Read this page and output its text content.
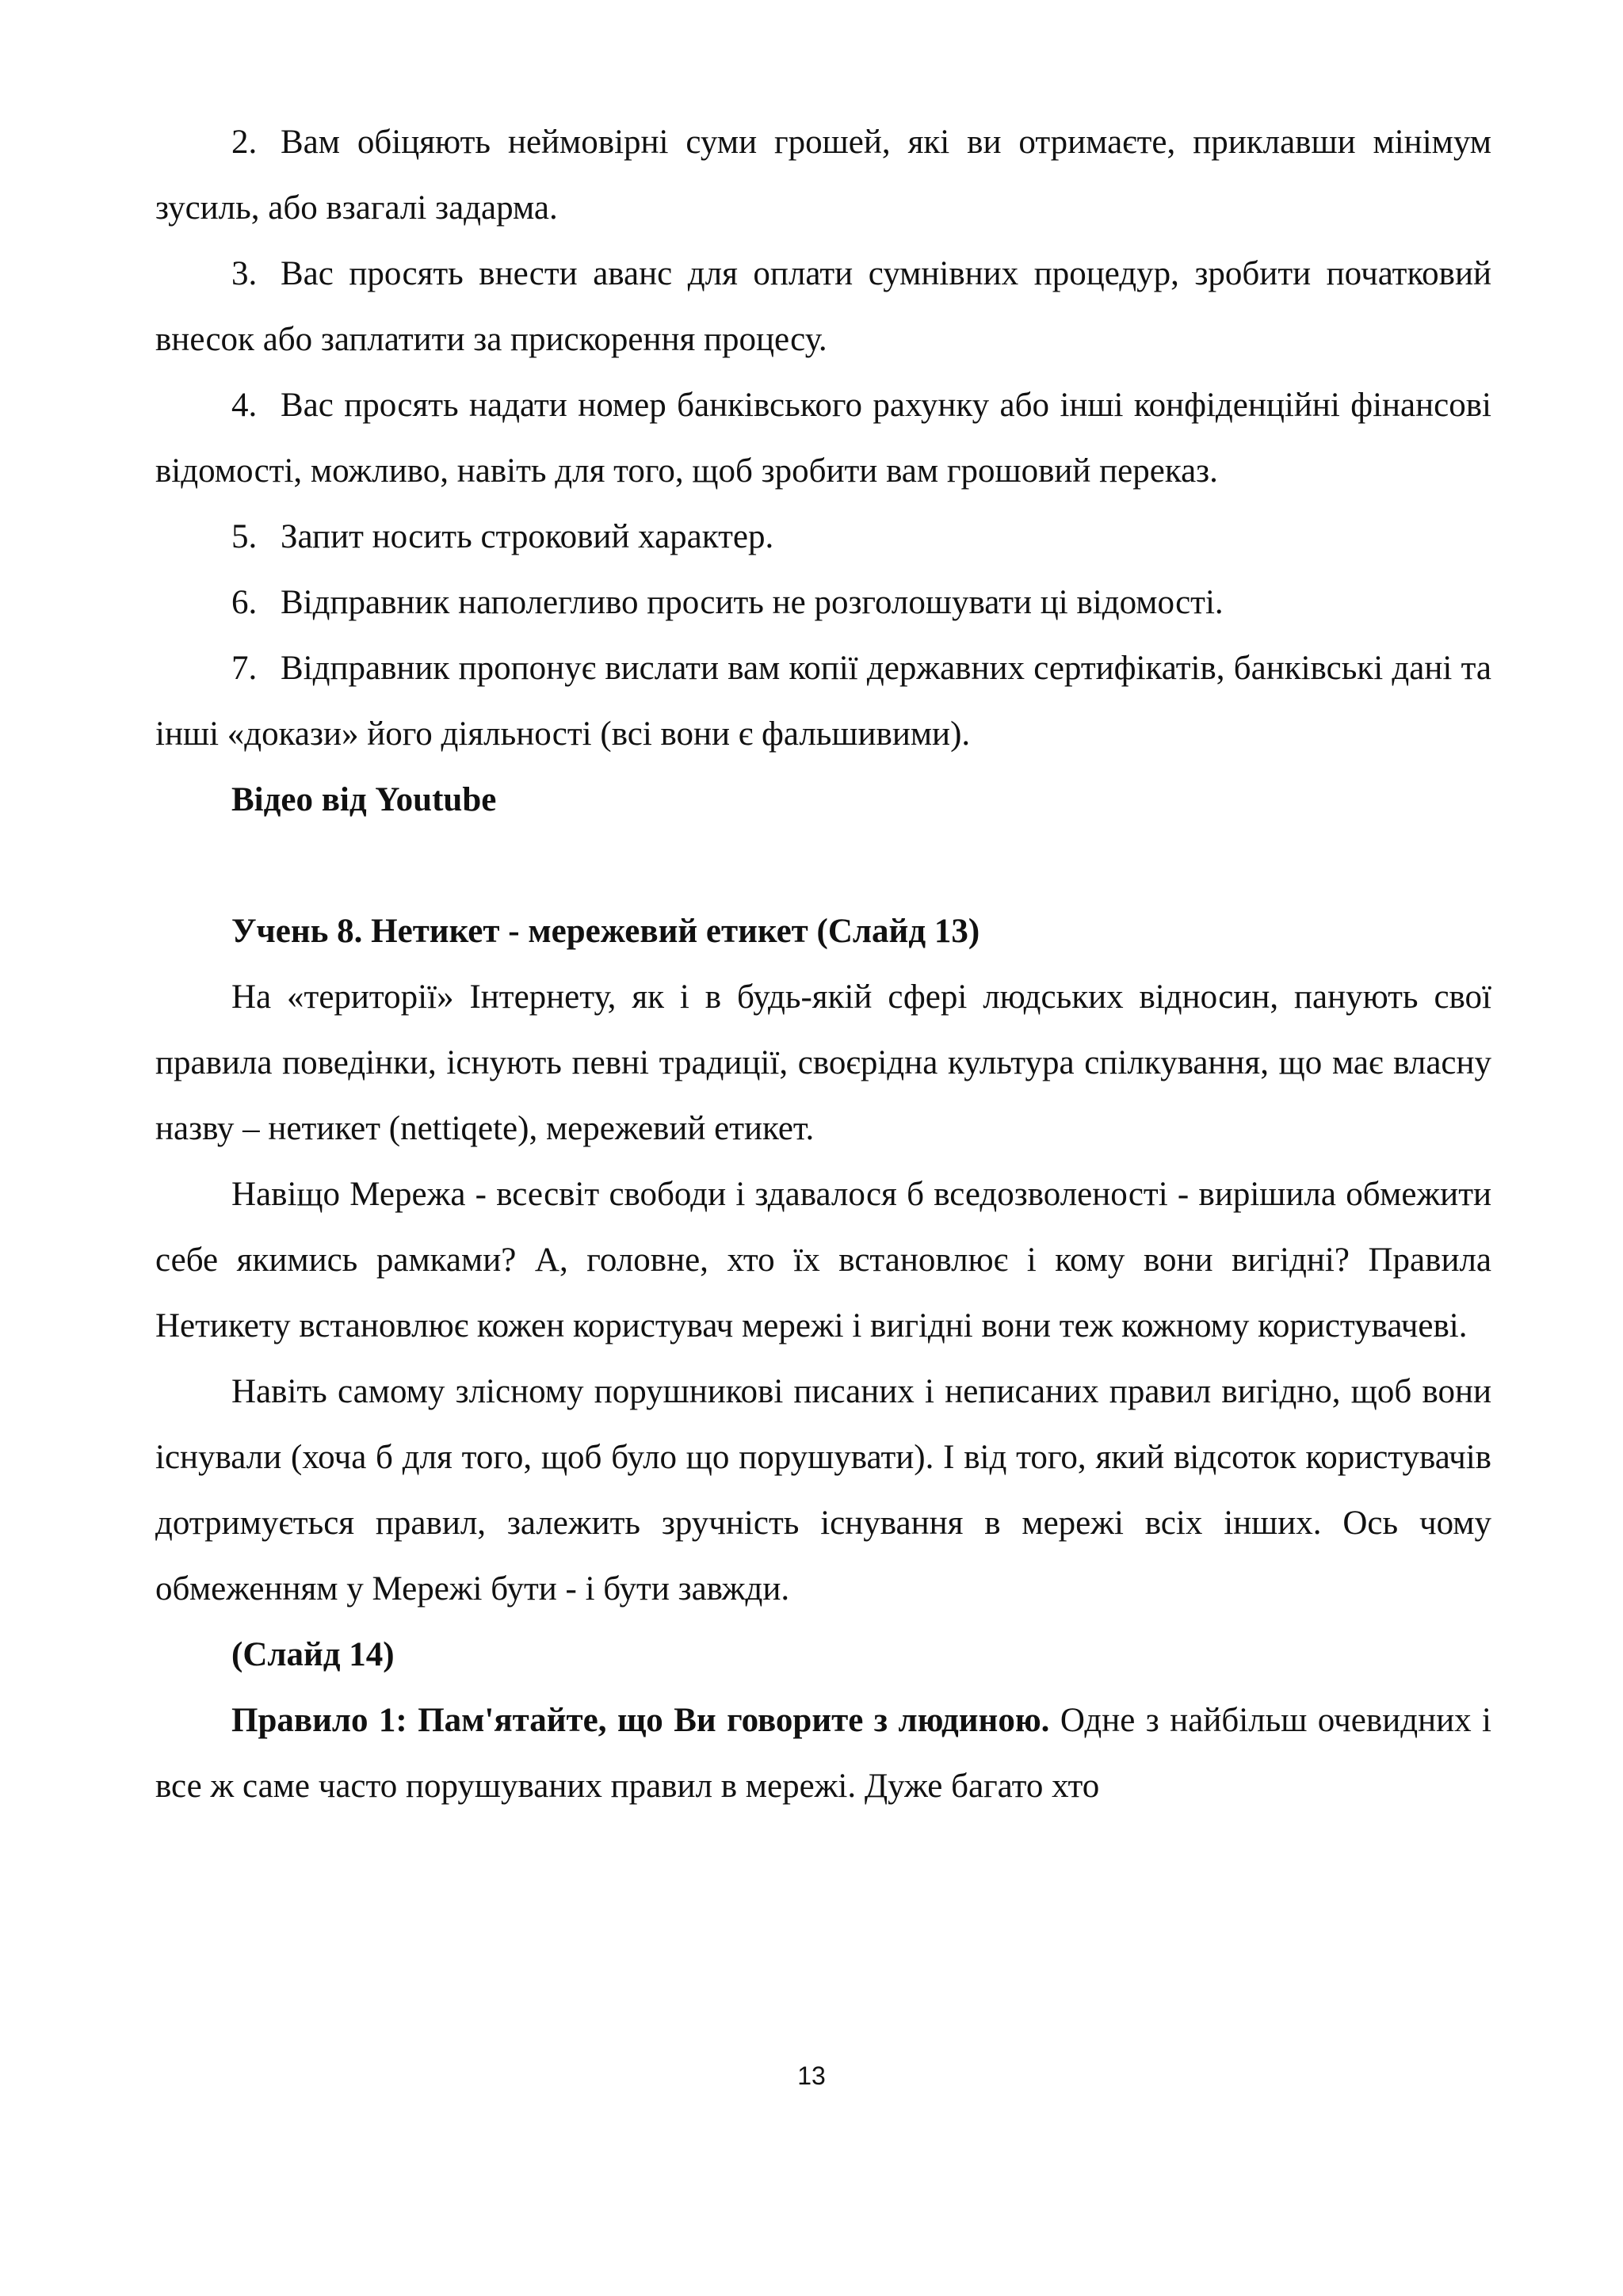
2. Вам обіцяють неймовірні суми грошей, які ви отримаєте, приклавши мінімум зусиль, або взагалі задарма.

3. Вас просять внести аванс для оплати сумнівних процедур, зробити початковий внесок або заплатити за прискорення процесу.

4. Вас просять надати номер банківського рахунку або інші конфіденційні фінансові відомості, можливо, навіть для того, щоб зробити вам грошовий переказ.

5. Запит носить строковий характер.

6. Відправник наполегливо просить не розголошувати ці відомості.

7. Відправник пропонує вислати вам копії державних сертифікатів, банківські дані та інші «докази» його діяльності (всі вони є фальшивими).

Відео від Youtube

Учень 8. Нетикет - мережевий етикет (Слайд 13)

На «території» Інтернету, як і в будь-якій сфері людських відносин, панують свої правила поведінки, існують певні традиції, своєрідна культура спілкування, що має власну назву – нетикет (nettiqete), мережевий етикет.

Навіщо Мережа - всесвіт свободи і здавалося б вседозволеності - вирішила обмежити себе якимись рамками? А, головне, хто їх встановлює і кому вони вигідні? Правила Нетикету встановлює кожен користувач мережі і вигідні вони теж кожному користувачеві.

Навіть самому злісному порушникові писаних і неписаних правил вигідно, щоб вони існували (хоча б для того, щоб було що порушувати). І від того, який відсоток користувачів дотримується правил, залежить зручність існування в мережі всіх інших. Ось чому обмеженням у Мережі бути - і бути завжди.

(Слайд 14)

Правило 1: Пам'ятайте, що Ви говорите з людиною. Одне з найбільш очевидних і все ж саме часто порушуваних правил в мережі. Дуже багато хто

13
